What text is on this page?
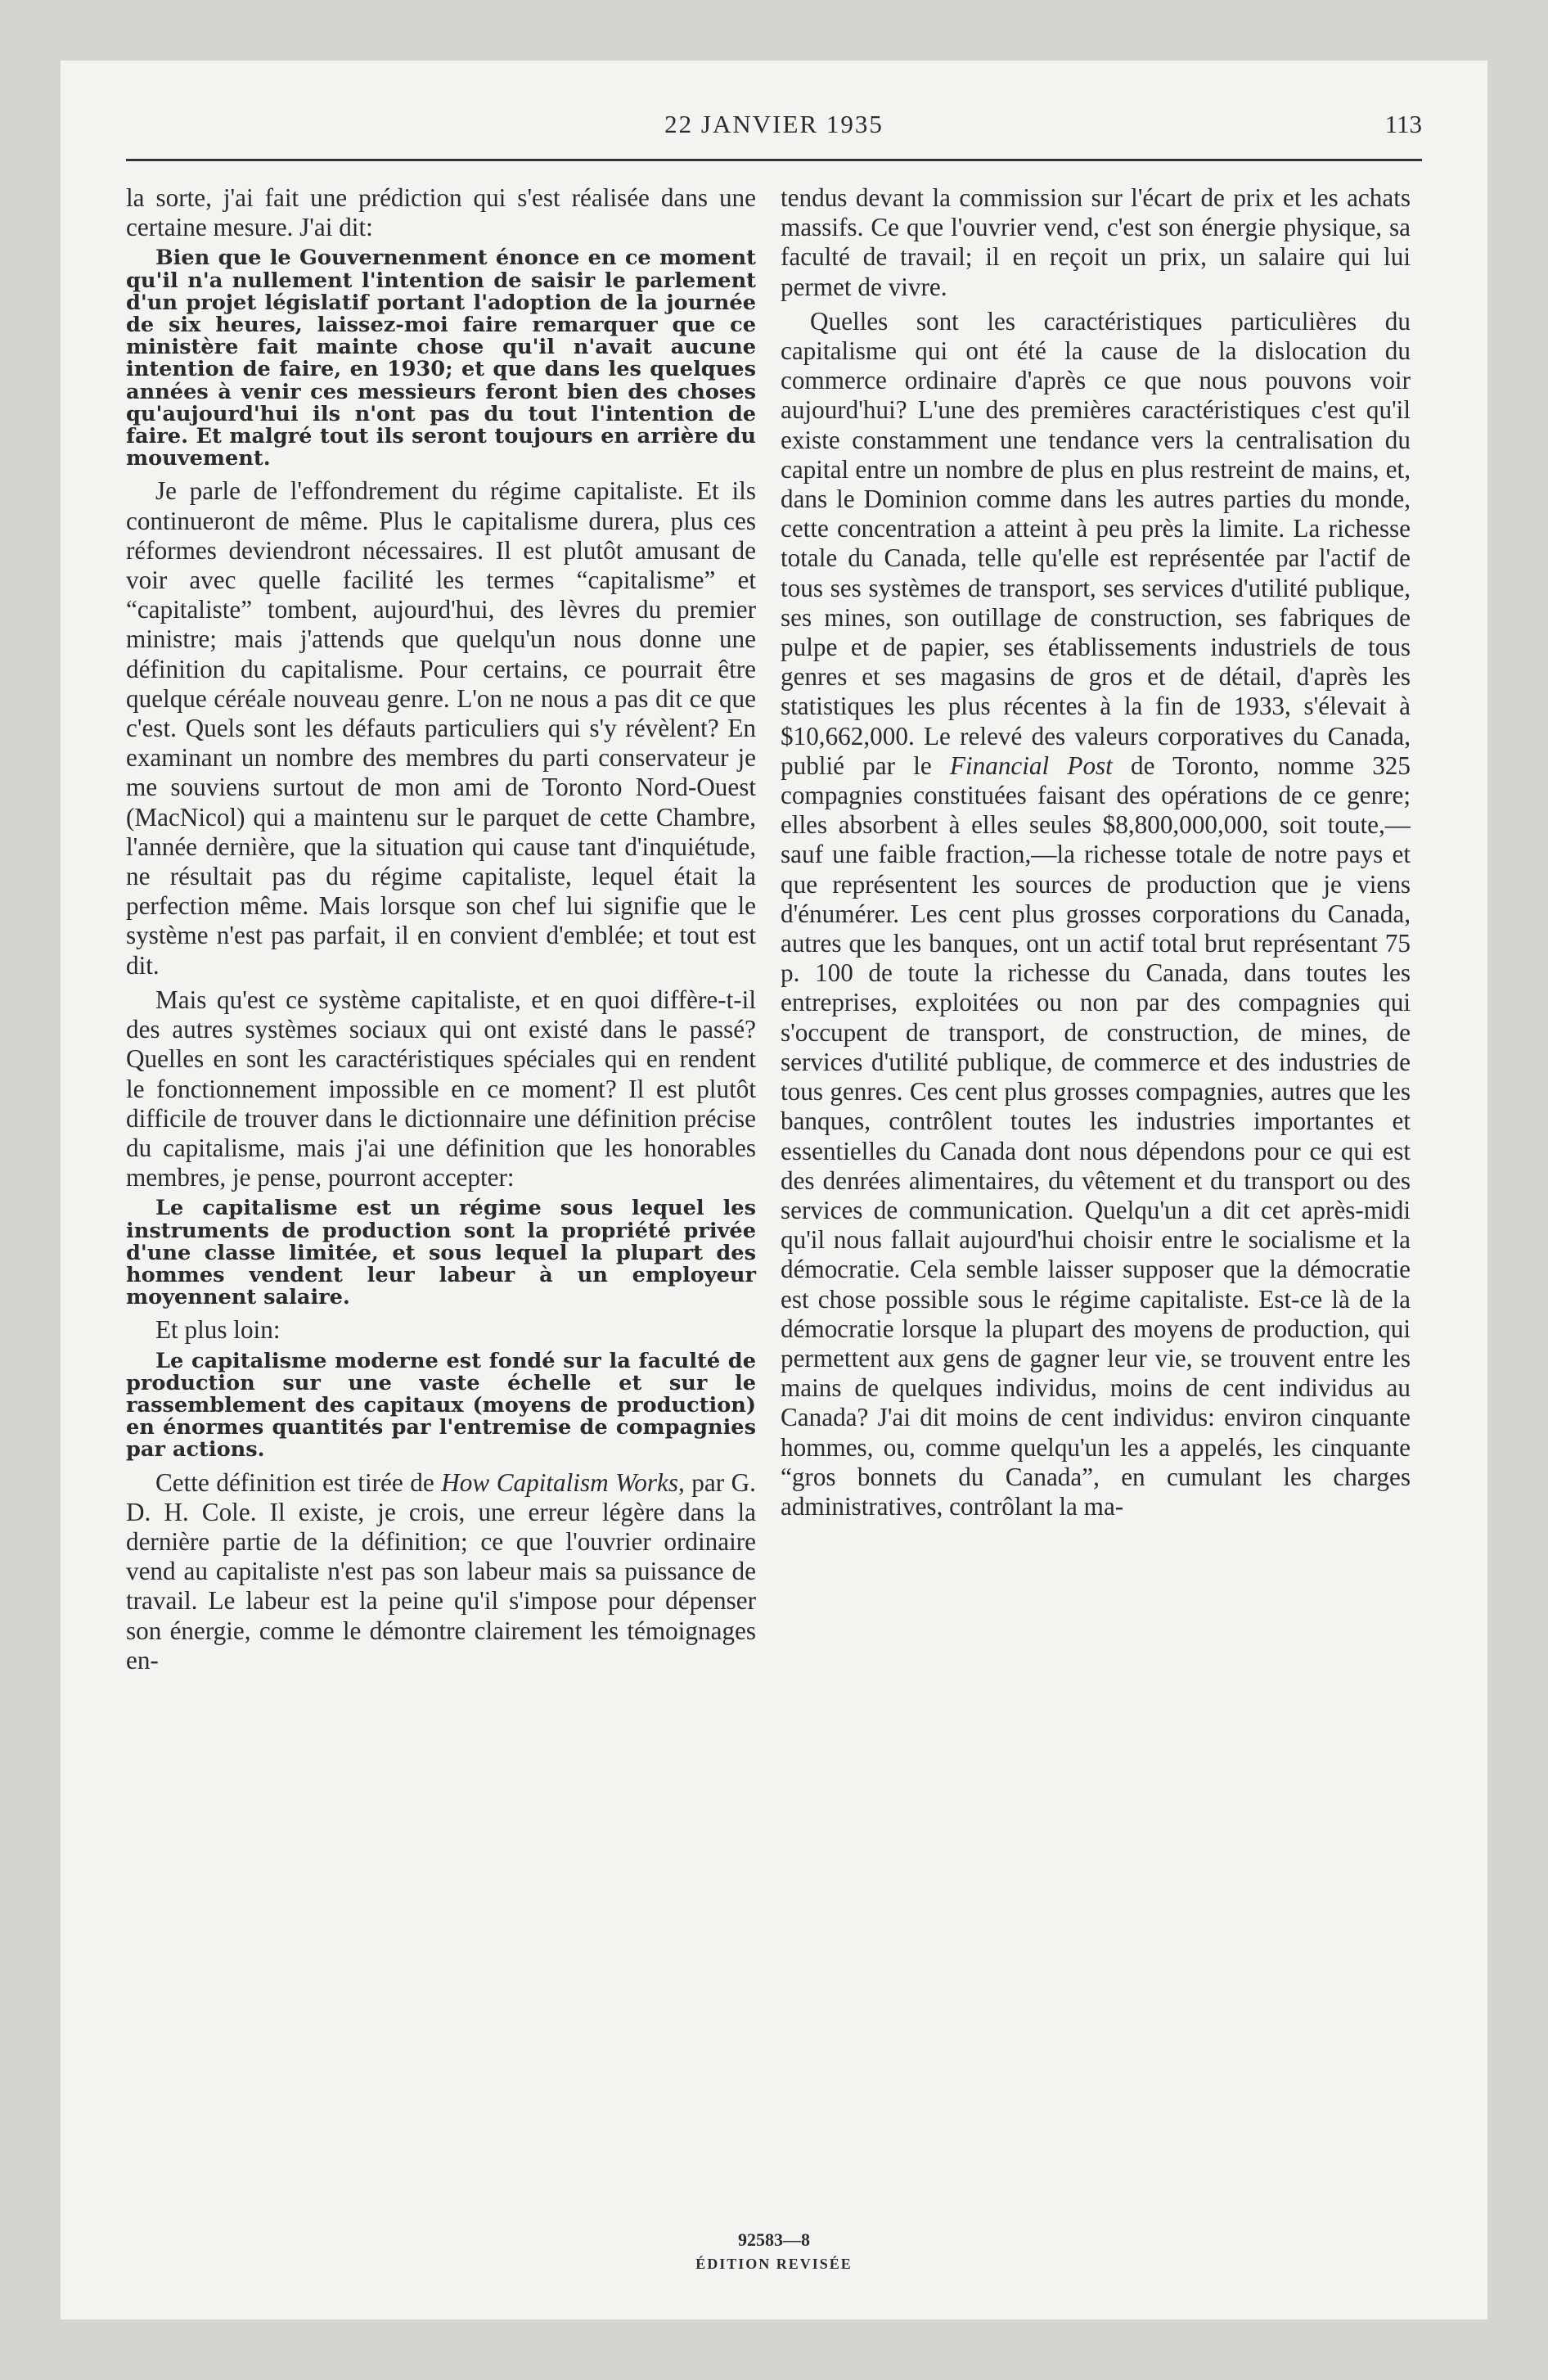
22 JANVIER 1935	113

la sorte, j'ai fait une prédiction qui s'est réalisée dans une certaine mesure. J'ai dit:

Bien que le Gouvernenment énonce en ce moment qu'il n'a nullement l'intention de saisir le parlement d'un projet législatif portant l'adoption de la journée de six heures, laissez-moi faire remarquer que ce ministère fait mainte chose qu'il n'avait aucune intention de faire, en 1930; et que dans les quelques années à venir ces messieurs feront bien des choses qu'aujourd'hui ils n'ont pas du tout l'intention de faire. Et malgré tout ils seront toujours en arrière du mouvement.

Je parle de l'effondrement du régime capitaliste. Et ils continueront de même. Plus le capitalisme durera, plus ces réformes deviendront nécessaires. Il est plutôt amusant de voir avec quelle facilité les termes “capitalisme” et “capitaliste” tombent, aujourd'hui, des lèvres du premier ministre; mais j'attends que quelqu'un nous donne une définition du capitalisme. Pour certains, ce pourrait être quelque céréale nouveau genre. L'on ne nous a pas dit ce que c'est. Quels sont les défauts particuliers qui s'y révèlent? En examinant un nombre des membres du parti conservateur je me souviens surtout de mon ami de Toronto Nord-Ouest (MacNicol) qui a maintenu sur le parquet de cette Chambre, l'année dernière, que la situation qui cause tant d'inquiétude, ne résultait pas du régime capitaliste, lequel était la perfection même. Mais lorsque son chef lui signifie que le système n'est pas parfait, il en convient d'emblée; et tout est dit.

Mais qu'est ce système capitaliste, et en quoi diffère-t-il des autres systèmes sociaux qui ont existé dans le passé? Quelles en sont les caractéristiques spéciales qui en rendent le fonctionnement impossible en ce moment? Il est plutôt difficile de trouver dans le dictionnaire une définition précise du capitalisme, mais j'ai une définition que les honorables membres, je pense, pourront accepter:

Le capitalisme est un régime sous lequel les instruments de production sont la propriété privée d'une classe limitée, et sous lequel la plupart des hommes vendent leur labeur à un employeur moyennent salaire.

Et plus loin:

Le capitalisme moderne est fondé sur la faculté de production sur une vaste échelle et sur le rassemblement des capitaux (moyens de production) en énormes quantités par l'entremise de compagnies par actions.

Cette définition est tirée de How Capitalism Works, par G. D. H. Cole. Il existe, je crois, une erreur légère dans la dernière partie de la définition; ce que l'ouvrier ordinaire vend au capitaliste n'est pas son labeur mais sa puissance de travail. Le labeur est la peine qu'il s'impose pour dépenser son énergie, comme le démontre clairement les témoignages en-

tendus devant la commission sur l'écart de prix et les achats massifs. Ce que l'ouvrier vend, c'est son énergie physique, sa faculté de travail; il en reçoit un prix, un salaire qui lui permet de vivre.

Quelles sont les caractéristiques particulières du capitalisme qui ont été la cause de la dislocation du commerce ordinaire d'après ce que nous pouvons voir aujourd'hui? L'une des premières caractéristiques c'est qu'il existe constamment une tendance vers la centralisation du capital entre un nombre de plus en plus restreint de mains, et, dans le Dominion comme dans les autres parties du monde, cette concentration a atteint à peu près la limite. La richesse totale du Canada, telle qu'elle est représentée par l'actif de tous ses systèmes de transport, ses services d'utilité publique, ses mines, son outillage de construction, ses fabriques de pulpe et de papier, ses établissements industriels de tous genres et ses magasins de gros et de détail, d'après les statistiques les plus récentes à la fin de 1933, s'élevait à $10,662,000. Le relevé des valeurs corporatives du Canada, publié par le Financial Post de Toronto, nomme 325 compagnies constituées faisant des opérations de ce genre; elles absorbent à elles seules $8,800,000,000, soit toute,—sauf une faible fraction,—la richesse totale de notre pays et que représentent les sources de production que je viens d'énumérer. Les cent plus grosses corporations du Canada, autres que les banques, ont un actif total brut représentant 75 p. 100 de toute la richesse du Canada, dans toutes les entreprises, exploitées ou non par des compagnies qui s'occupent de transport, de construction, de mines, de services d'utilité publique, de commerce et des industries de tous genres. Ces cent plus grosses compagnies, autres que les banques, contrôlent toutes les industries importantes et essentielles du Canada dont nous dépendons pour ce qui est des denrées alimentaires, du vêtement et du transport ou des services de communication. Quelqu'un a dit cet après-midi qu'il nous fallait aujourd'hui choisir entre le socialisme et la démocratie. Cela semble laisser supposer que la démocratie est chose possible sous le régime capitaliste. Est-ce là de la démocratie lorsque la plupart des moyens de production, qui permettent aux gens de gagner leur vie, se trouvent entre les mains de quelques individus, moins de cent individus au Canada? J'ai dit moins de cent individus: environ cinquante hommes, ou, comme quelqu'un les a appelés, les cinquante “gros bonnets du Canada”, en cumulant les charges administratives, contrôlant la ma-

92583—8
ÉDITION REVISÉE
